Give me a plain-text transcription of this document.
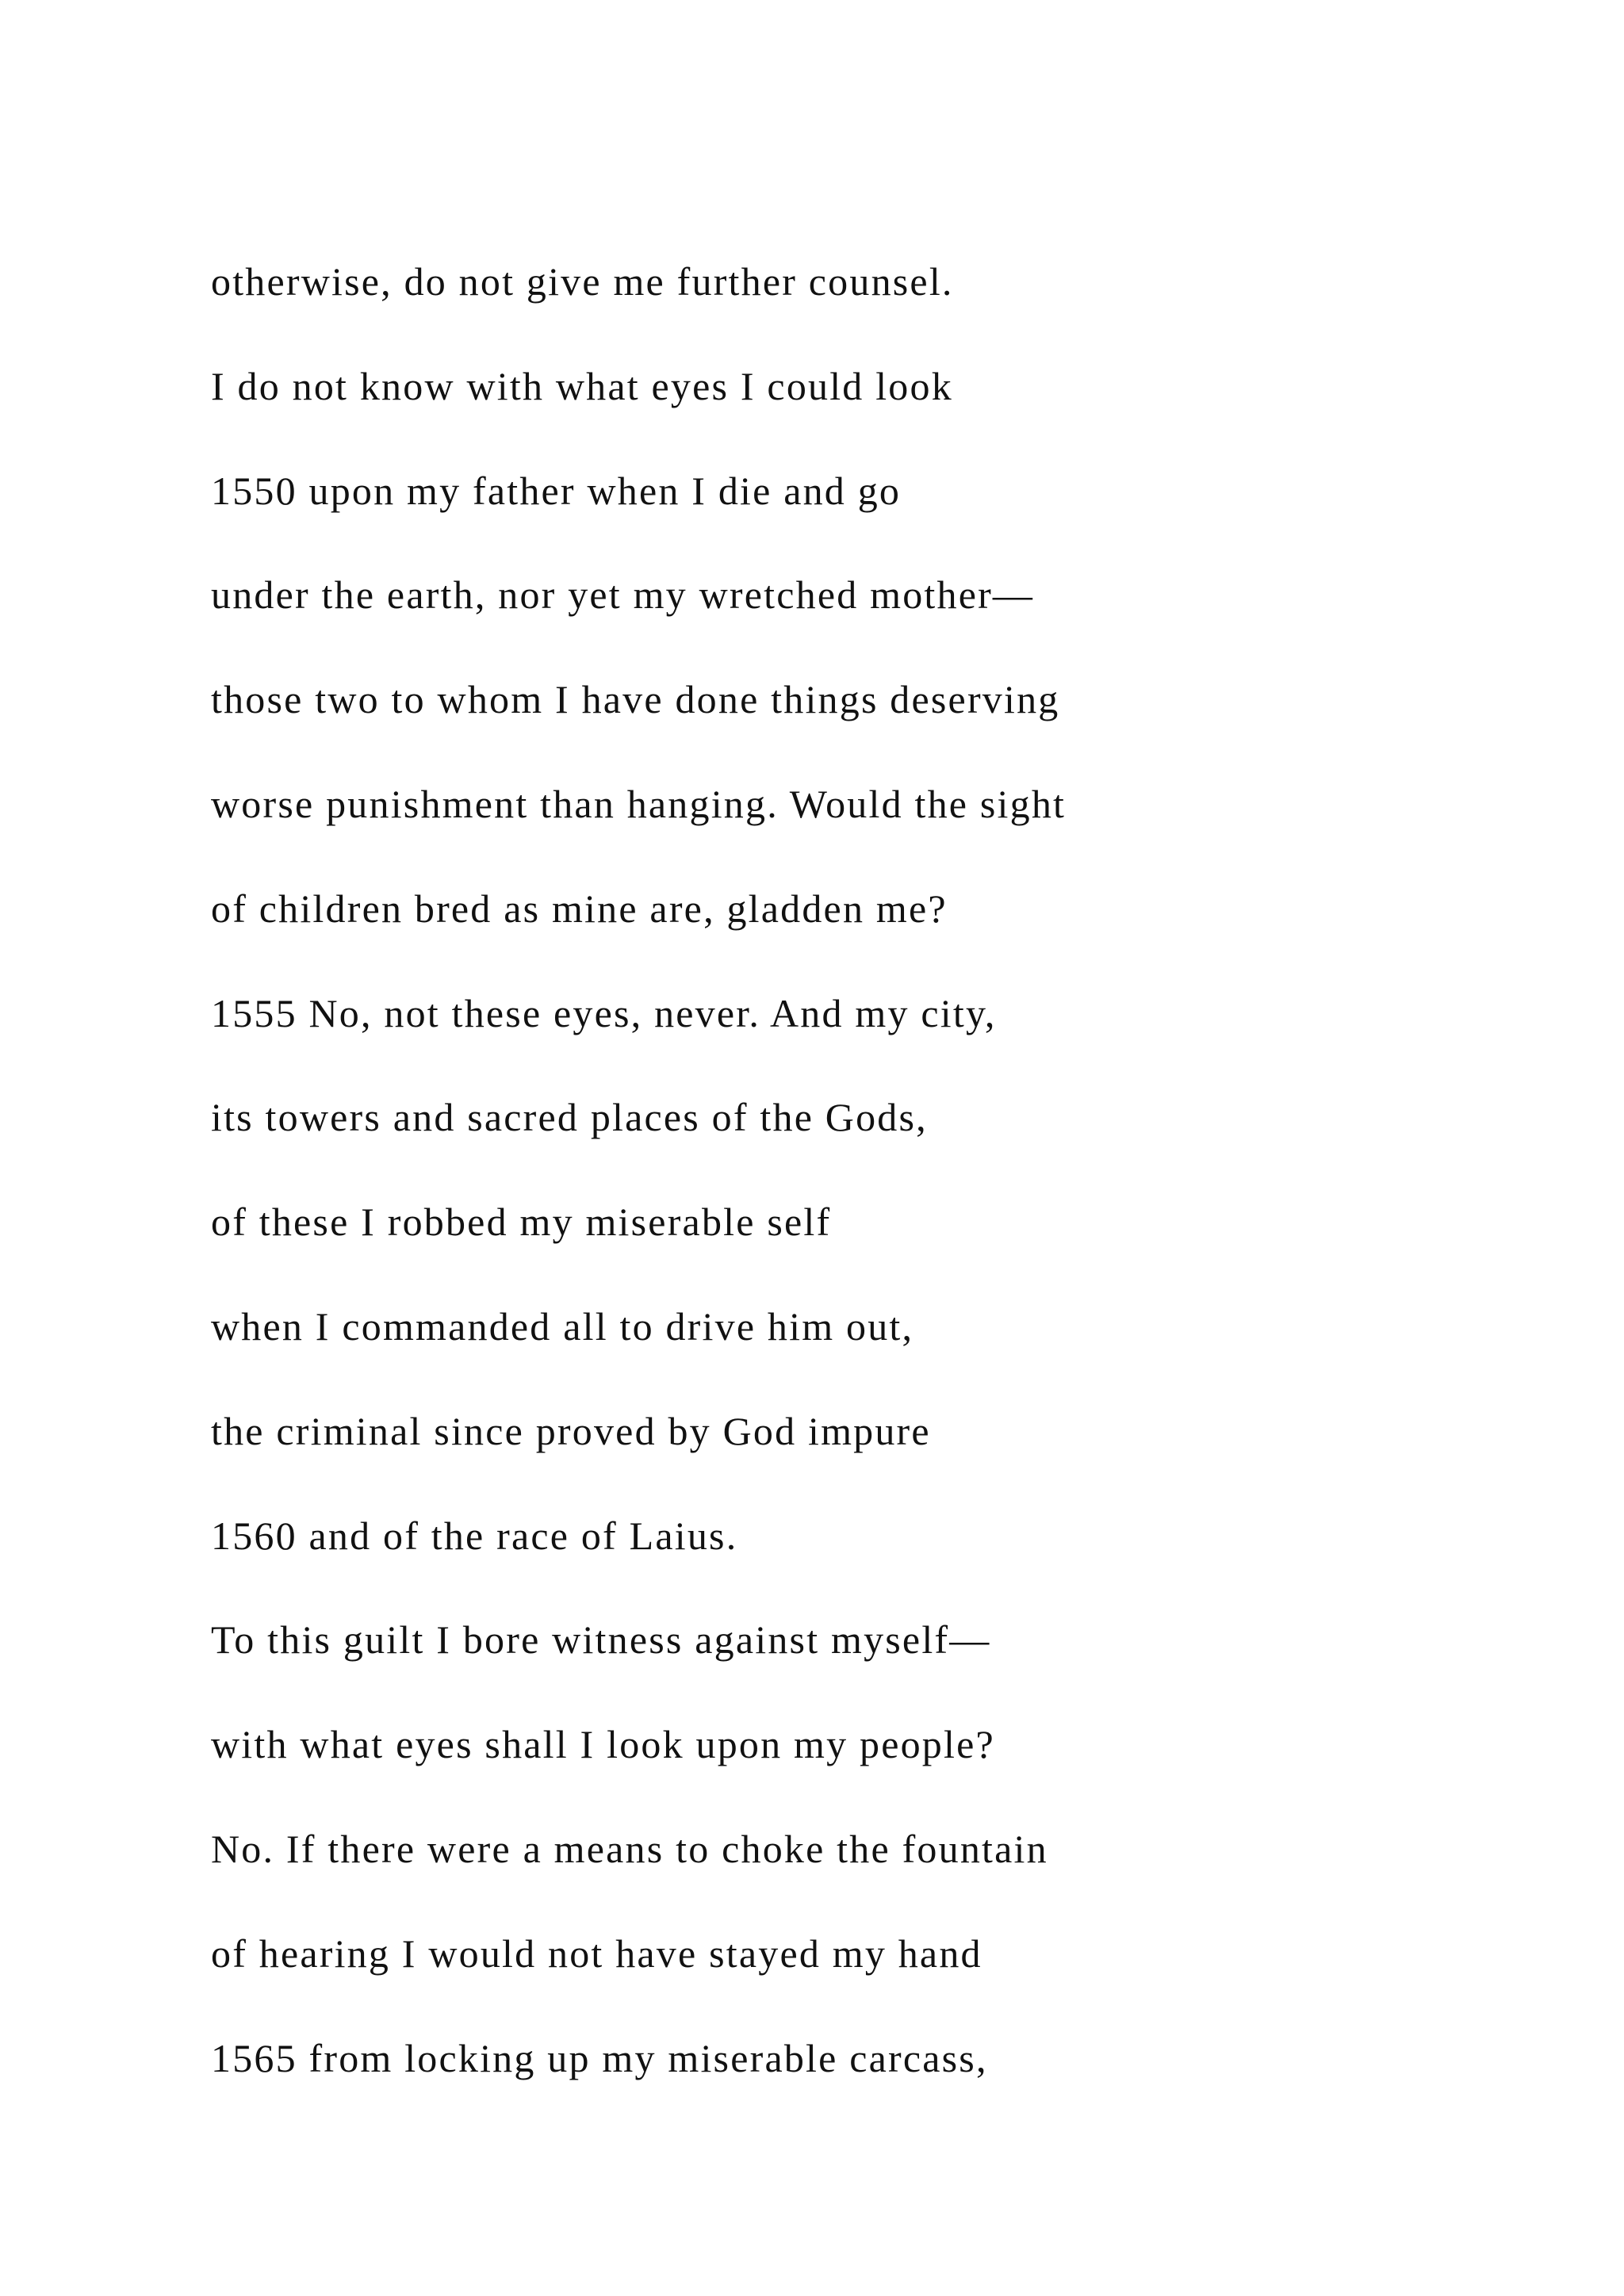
otherwise, do not give me further counsel.
I do not know with what eyes I could look
1550 upon my father when I die and go
under the earth, nor yet my wretched mother—
those two to whom I have done things deserving
worse punishment than hanging. Would the sight
of children bred as mine are, gladden me?
1555 No, not these eyes, never. And my city,
its towers and sacred places of the Gods,
of these I robbed my miserable self
when I commanded all to drive him out,
the criminal since proved by God impure
1560 and of the race of Laius.
To this guilt I bore witness against myself—
with what eyes shall I look upon my people?
No. If there were a means to choke the fountain
of hearing I would not have stayed my hand
1565 from locking up my miserable carcass,
